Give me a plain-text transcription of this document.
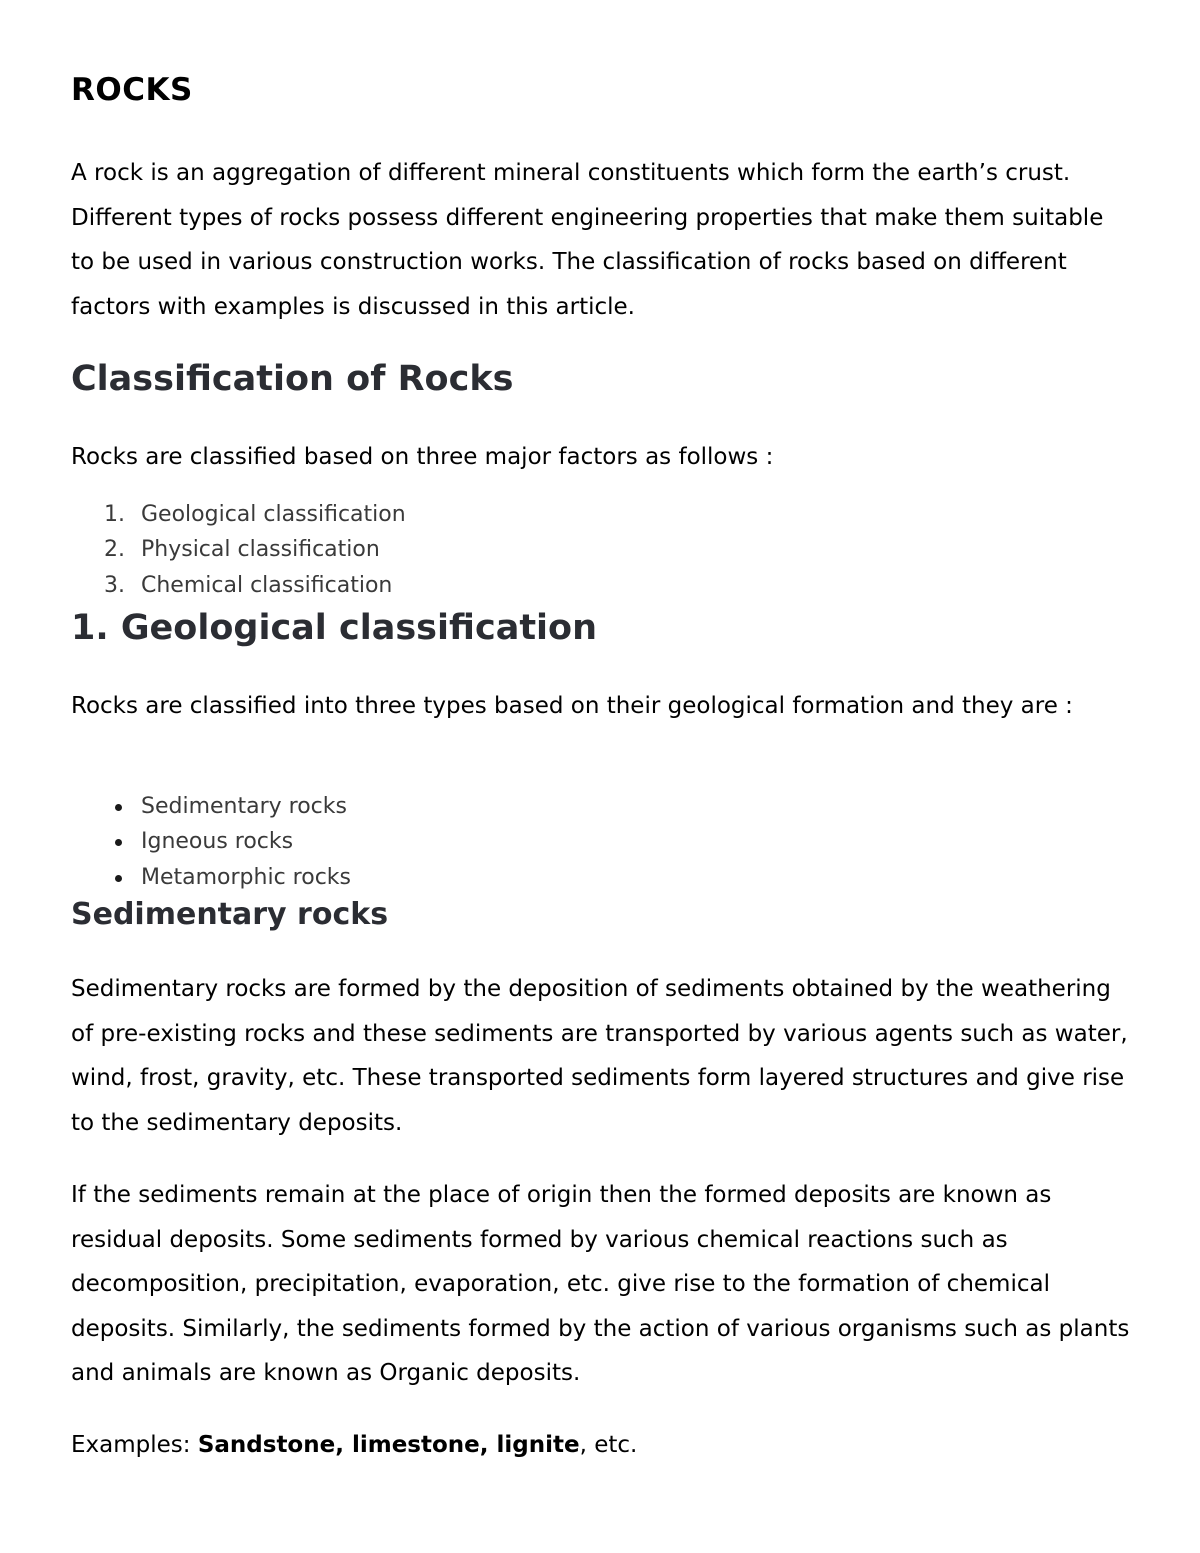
ROCKS

A rock is an aggregation of different mineral constituents which form the earth’s crust. Different types of rocks possess different engineering properties that make them suitable to be used in various construction works. The classification of rocks based on different factors with examples is discussed in this article.

Classification of Rocks

Rocks are classified based on three major factors as follows :

1. Geological classification
2. Physical classification
3. Chemical classification
1. Geological classification

Rocks are classified into three types based on their geological formation and they are :

Sedimentary rocks
Igneous rocks
Metamorphic rocks
Sedimentary rocks

Sedimentary rocks are formed by the deposition of sediments obtained by the weathering of pre-existing rocks and these sediments are transported by various agents such as water, wind, frost, gravity, etc. These transported sediments form layered structures and give rise to the sedimentary deposits.

If the sediments remain at the place of origin then the formed deposits are known as residual deposits. Some sediments formed by various chemical reactions such as decomposition, precipitation, evaporation, etc. give rise to the formation of chemical deposits. Similarly, the sediments formed by the action of various organisms such as plants and animals are known as Organic deposits.

Examples: Sandstone, limestone, lignite, etc.
